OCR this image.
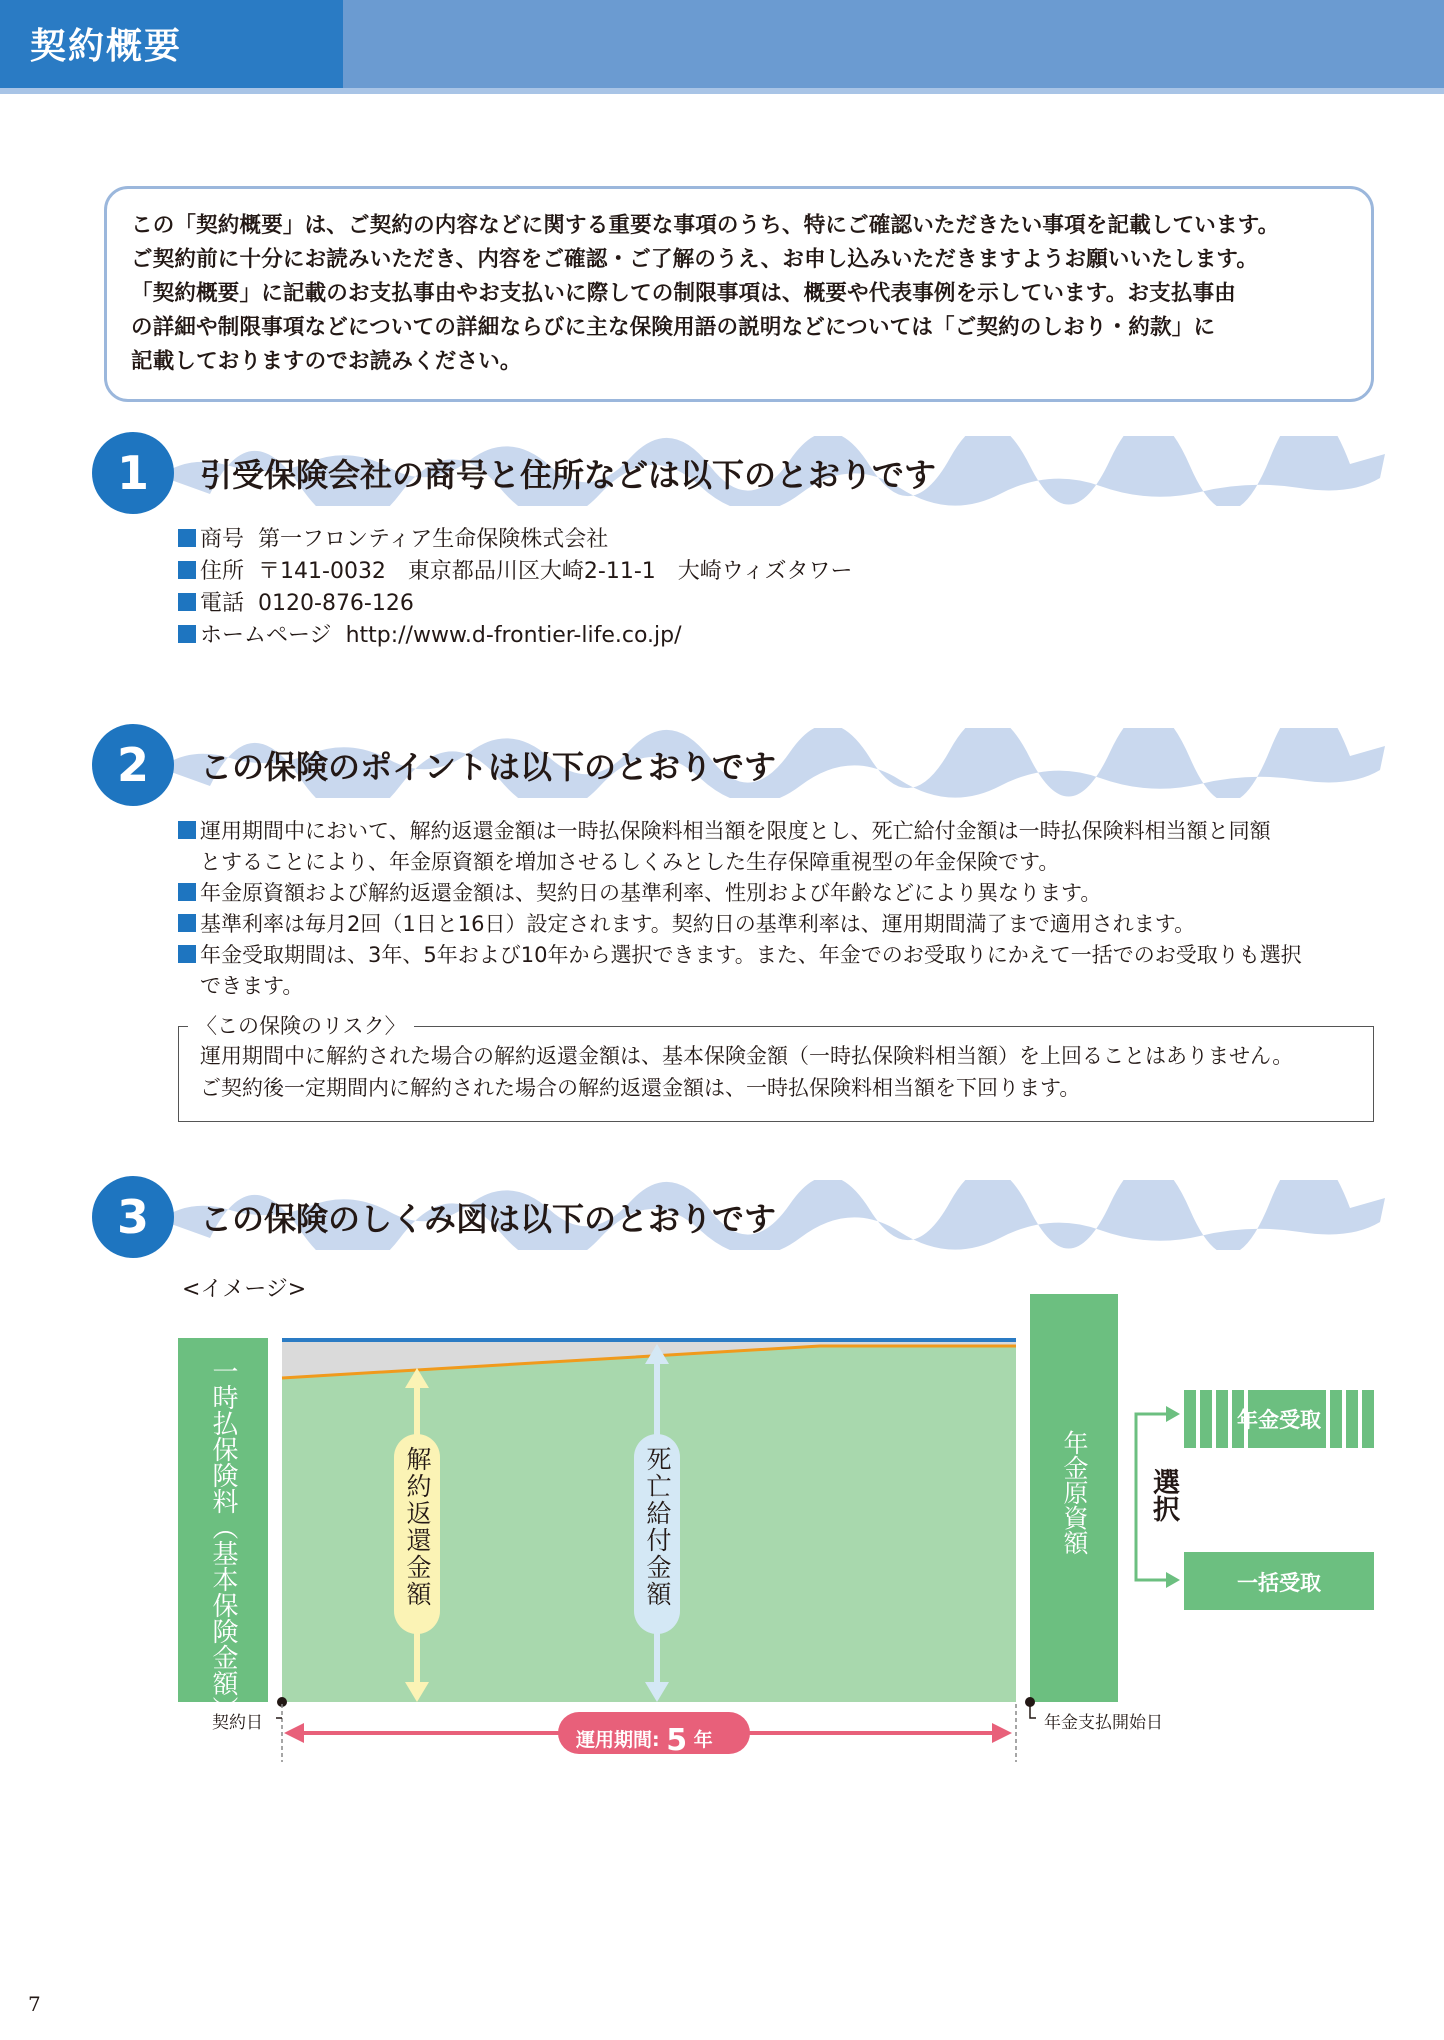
契約概要

この「契約概要」は、ご契約の内容などに関する重要な事項のうち、特にご確認いただきたい事項を記載しています。

ご契約前に十分にお読みいただき、内容をご確認・ご了解のうえ、お申し込みいただきますようお願いいたします。

「契約概要」に記載のお支払事由やお支払いに際しての制限事項は、概要や代表事例を示しています。お支払事由

の詳細や制限事項などについての詳細ならびに主な保険用語の説明などについては「ご契約のしおり・約款」に

記載しておりますのでお読みください。

1	引受保険会社の商号と住所などは以下のとおりです
商号 第一フロンティア生命保険株式会社
住所 〒141-0032　東京都品川区大崎2-11-1　大崎ウィズタワー
電話 0120-876-126
ホームページ http://www.d-frontier-life.co.jp/
2	この保険のポイントは以下のとおりです
運用期間中において、解約返還金額は一時払保険料相当額を限度とし、死亡給付金額は一時払保険料相当額と同額
とすることにより、年金原資額を増加させるしくみとした生存保障重視型の年金保険です。
年金原資額および解約返還金額は、契約日の基準利率、性別および年齢などにより異なります。
基準利率は毎月2回（1日と16日）設定されます。契約日の基準利率は、運用期間満了まで適用されます。
年金受取期間は、3年、5年および10年から選択できます。また、年金でのお受取りにかえて一括でのお受取りも選択
できます。
〈この保険のリスク〉
運用期間中に解約された場合の解約返還金額は、基本保険金額（一時払保険料相当額）を上回ることはありません。
ご契約後一定期間内に解約された場合の解約返還金額は、一時払保険料相当額を下回ります。
3	この保険のしくみ図は以下のとおりです
<イメージ>
一時払保険料（基本保険金額）	解約返還金額	死亡給付金額	年金原資額 選択
年金受取
一括受取
契約日	年金支払開始日
運用期間: 5 年
7
